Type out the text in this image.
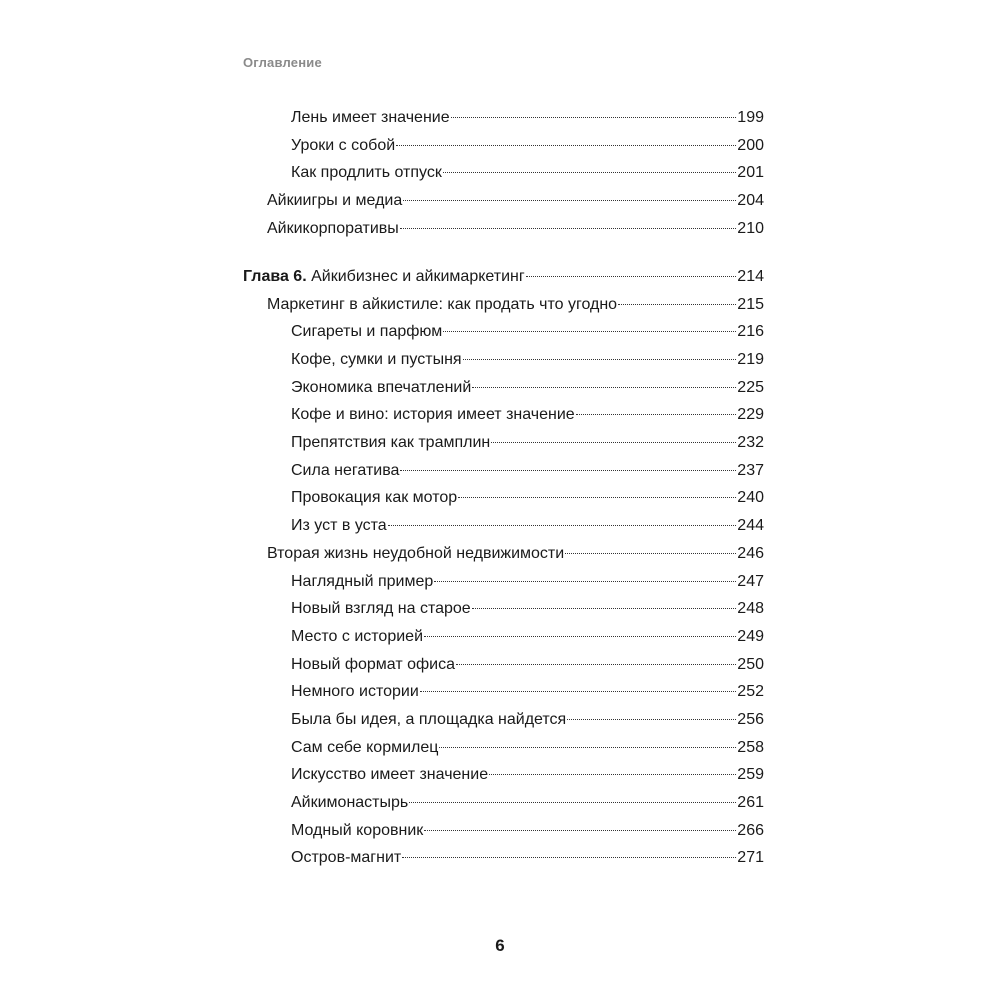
Оглавление
Лень имеет значение	199
Уроки с собой	200
Как продлить отпуск	201
Айкиигры и медиа	204
Айкикорпоративы	210
Глава 6. Айкибизнес и айкимаркетинг	214
Маркетинг в айкистиле: как продать что угодно	215
Сигареты и парфюм	216
Кофе, сумки и пустыня	219
Экономика впечатлений	225
Кофе и вино: история имеет значение	229
Препятствия как трамплин	232
Сила негатива	237
Провокация как мотор	240
Из уст в уста	244
Вторая жизнь неудобной недвижимости	246
Наглядный пример	247
Новый взгляд на старое	248
Место с историей	249
Новый формат офиса	250
Немного истории	252
Была бы идея, а площадка найдется	256
Сам себе кормилец	258
Искусство имеет значение	259
Айкимонастырь	261
Модный коровник	266
Остров-магнит	271
6
